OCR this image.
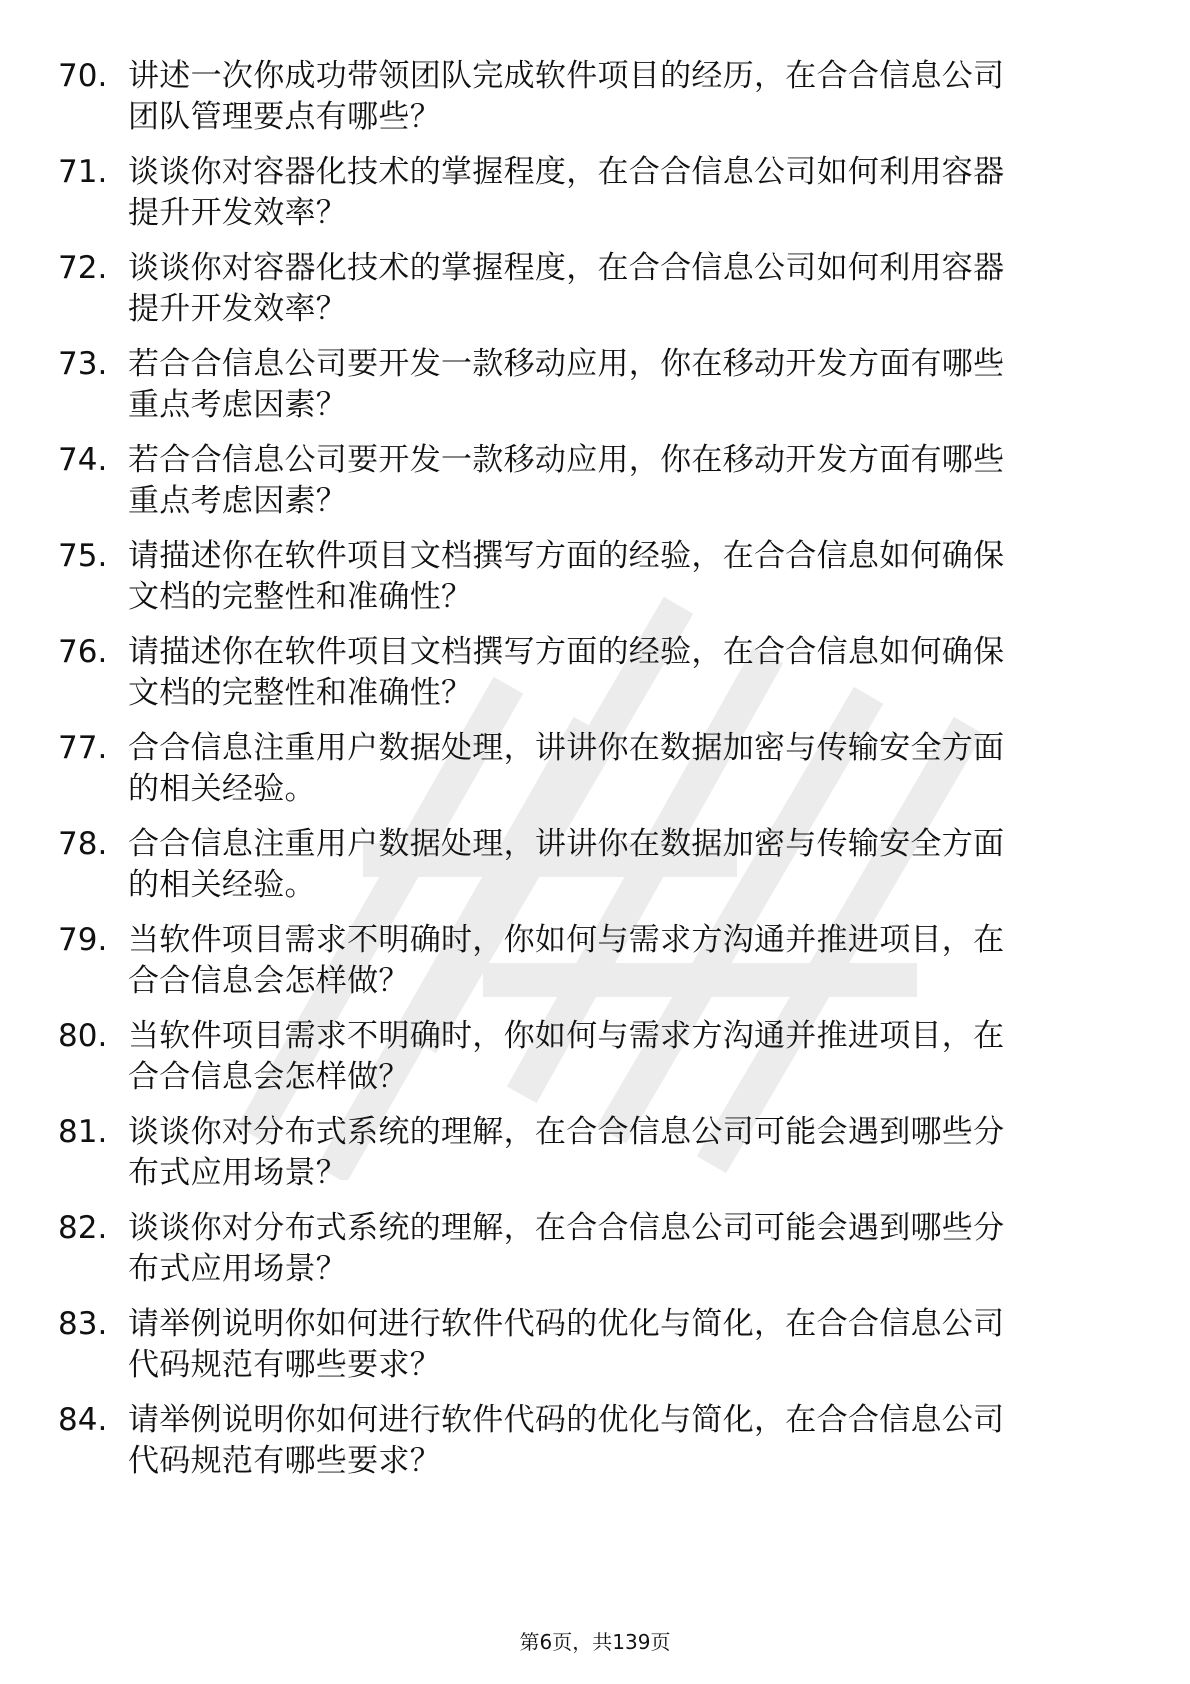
70. 讲述一次你成功带领团队完成软件项目的经历，在合合信息公司
团队管理要点有哪些？
71. 谈谈你对容器化技术的掌握程度，在合合信息公司如何利用容器
提升开发效率？
72. 谈谈你对容器化技术的掌握程度，在合合信息公司如何利用容器
提升开发效率？
73. 若合合信息公司要开发一款移动应用，你在移动开发方面有哪些
重点考虑因素？
74. 若合合信息公司要开发一款移动应用，你在移动开发方面有哪些
重点考虑因素？
75. 请描述你在软件项目文档撰写方面的经验，在合合信息如何确保
文档的完整性和准确性？
76. 请描述你在软件项目文档撰写方面的经验，在合合信息如何确保
文档的完整性和准确性？
77. 合合信息注重用户数据处理，讲讲你在数据加密与传输安全方面
的相关经验。
78. 合合信息注重用户数据处理，讲讲你在数据加密与传输安全方面
的相关经验。
79. 当软件项目需求不明确时，你如何与需求方沟通并推进项目，在
合合信息会怎样做？
80. 当软件项目需求不明确时，你如何与需求方沟通并推进项目，在
合合信息会怎样做？
81. 谈谈你对分布式系统的理解，在合合信息公司可能会遇到哪些分
布式应用场景？
82. 谈谈你对分布式系统的理解，在合合信息公司可能会遇到哪些分
布式应用场景？
83. 请举例说明你如何进行软件代码的优化与简化，在合合信息公司
代码规范有哪些要求？
84. 请举例说明你如何进行软件代码的优化与简化，在合合信息公司
代码规范有哪些要求？
第6页，共139页
